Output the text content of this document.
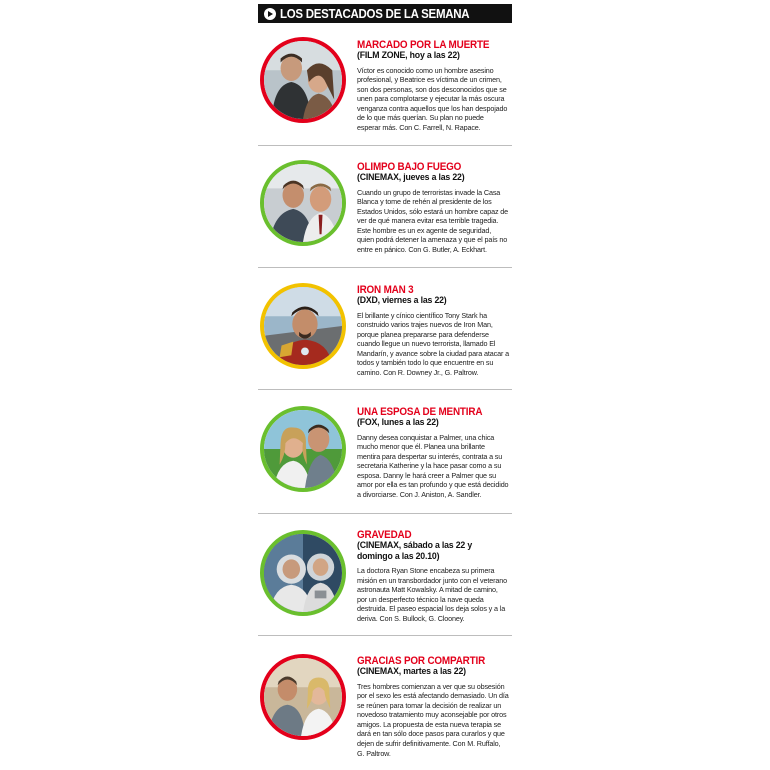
LOS DESTACADOS DE LA SEMANA
MARCADO POR LA MUERTE
(FILM ZONE, hoy a las 22)
Víctor es conocido como un hombre asesino profesional, y Beatrice es víctima de un crimen, son dos personas, son dos desconocidos que se unen para complotarse y ejecutar la más oscura venganza contra aquellos que los han despojado de lo que más querían. Su plan no puede esperar más. Con C. Farrell, N. Rapace.
OLIMPO BAJO FUEGO
(CINEMAX, jueves a las 22)
Cuando un grupo de terroristas invade la Casa Blanca y tome de rehén al presidente de los Estados Unidos, sólo estará un hombre capaz de ver de qué manera evitar esa terrible tragedia. Este hombre es un ex agente de seguridad, quien podrá detener la amenaza y que el país no entre en pánico. Con G. Butler, A. Eckhart.
IRON MAN 3
(DXD, viernes a las 22)
El brillante y cínico científico Tony Stark ha construido varios trajes nuevos de Iron Man, porque planea prepararse para defenderse cuando llegue un nuevo terrorista, llamado El Mandarín, y avance sobre la ciudad para atacar a todos y también todo lo que encuentre en su camino. Con R. Downey Jr., G. Paltrow.
UNA ESPOSA DE MENTIRA
(FOX, lunes a las 22)
Danny desea conquistar a Palmer, una chica mucho menor que él. Planea una brillante mentira para despertar su interés, contrata a su secretaria Katherine y la hace pasar como a su esposa. Danny le hará creer a Palmer que su amor por ella es tan profundo y que está decidido a divorciarse. Con J. Aniston, A. Sandler.
GRAVEDAD
(CINEMAX, sábado a las 22 y domingo a las 20.10)
La doctora Ryan Stone encabeza su primera misión en un transbordador junto con el veterano astronauta Matt Kowalsky. A mitad de camino, por un desperfecto técnico la nave queda destruida. El paseo espacial los deja solos y a la deriva. Con S. Bullock, G. Clooney.
GRACIAS POR COMPARTIR
(CINEMAX, martes a las 22)
Tres hombres comienzan a ver que su obsesión por el sexo les está afectando demasiado. Un día se reúnen para tomar la decisión de realizar un novedoso tratamiento muy aconsejable por otros amigos. La propuesta de esta nueva terapia se dará en tan sólo doce pasos para curarlos y que dejen de sufrir definitivamente. Con M. Ruffalo, G. Paltrow.
